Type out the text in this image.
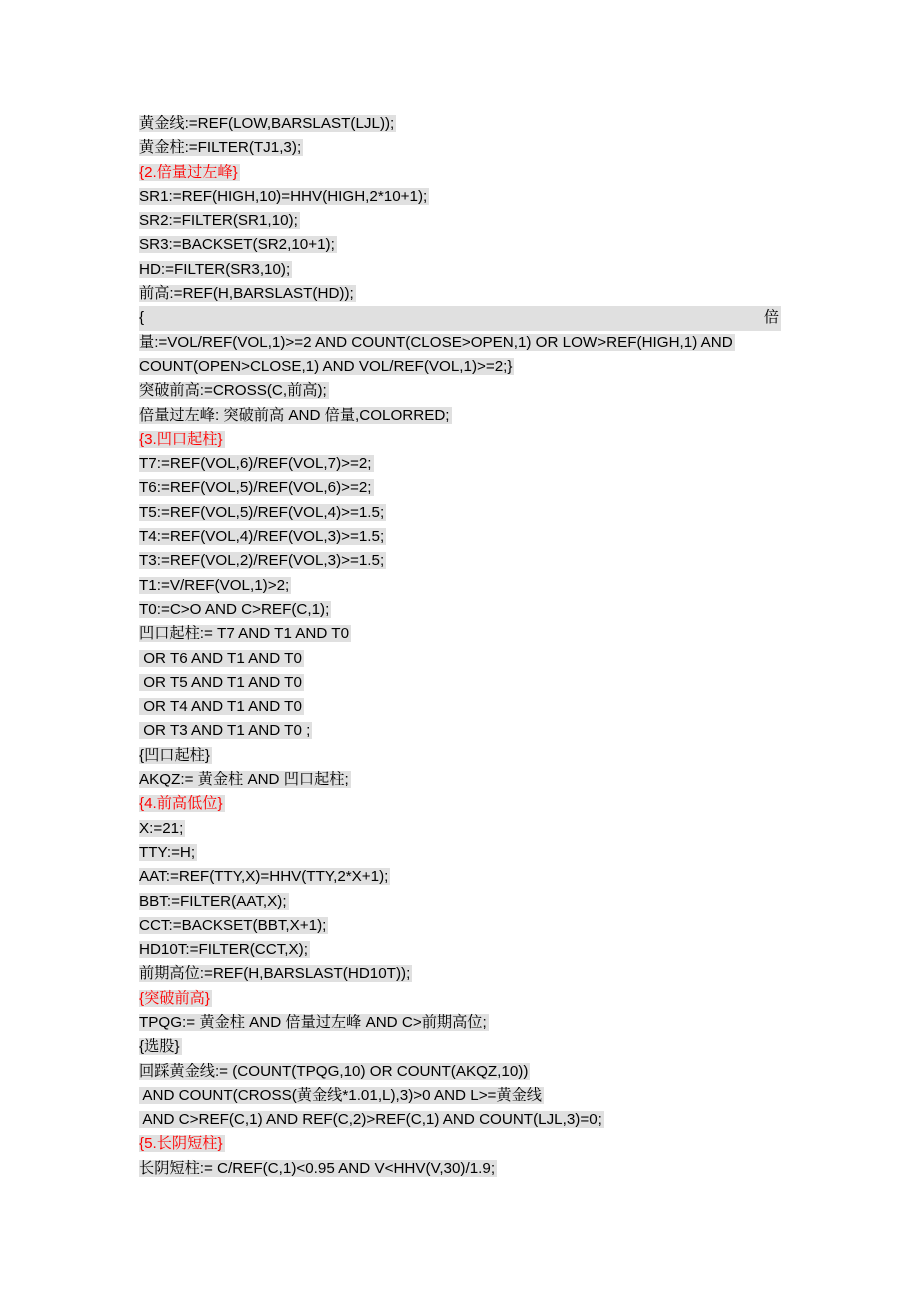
黄金线:=REF(LOW,BARSLAST(LJL));
黄金柱:=FILTER(TJ1,3);
{2.倍量过左峰}
SR1:=REF(HIGH,10)=HHV(HIGH,2*10+1);
SR2:=FILTER(SR1,10);
SR3:=BACKSET(SR2,10+1);
HD:=FILTER(SR3,10);
前高:=REF(H,BARSLAST(HD));
{	倍
量:=VOL/REF(VOL,1)>=2 AND COUNT(CLOSE>OPEN,1) OR LOW>REF(HIGH,1) AND
COUNT(OPEN>CLOSE,1) AND VOL/REF(VOL,1)>=2;}
突破前高:=CROSS(C,前高);
倍量过左峰: 突破前高 AND 倍量,COLORRED;
{3.凹口起柱}
T7:=REF(VOL,6)/REF(VOL,7)>=2;
T6:=REF(VOL,5)/REF(VOL,6)>=2;
T5:=REF(VOL,5)/REF(VOL,4)>=1.5;
T4:=REF(VOL,4)/REF(VOL,3)>=1.5;
T3:=REF(VOL,2)/REF(VOL,3)>=1.5;
T1:=V/REF(VOL,1)>2;
T0:=C>O AND C>REF(C,1);
凹口起柱:= T7 AND T1 AND T0
OR T6 AND T1 AND T0
OR T5 AND T1 AND T0
OR T4 AND T1 AND T0
OR T3 AND T1 AND T0 ;
{凹口起柱}
AKQZ:= 黄金柱 AND 凹口起柱;
{4.前高低位}
X:=21;
TTY:=H;
AAT:=REF(TTY,X)=HHV(TTY,2*X+1);
BBT:=FILTER(AAT,X);
CCT:=BACKSET(BBT,X+1);
HD10T:=FILTER(CCT,X);
前期高位:=REF(H,BARSLAST(HD10T));
{突破前高}
TPQG:= 黄金柱 AND 倍量过左峰 AND C>前期高位;
{选股}
回踩黄金线:= (COUNT(TPQG,10) OR COUNT(AKQZ,10))
AND COUNT(CROSS(黄金线*1.01,L),3)>0 AND L>=黄金线
AND C>REF(C,1) AND REF(C,2)>REF(C,1) AND COUNT(LJL,3)=0;
{5.长阴短柱}
长阴短柱:= C/REF(C,1)<0.95 AND V<HHV(V,30)/1.9;
